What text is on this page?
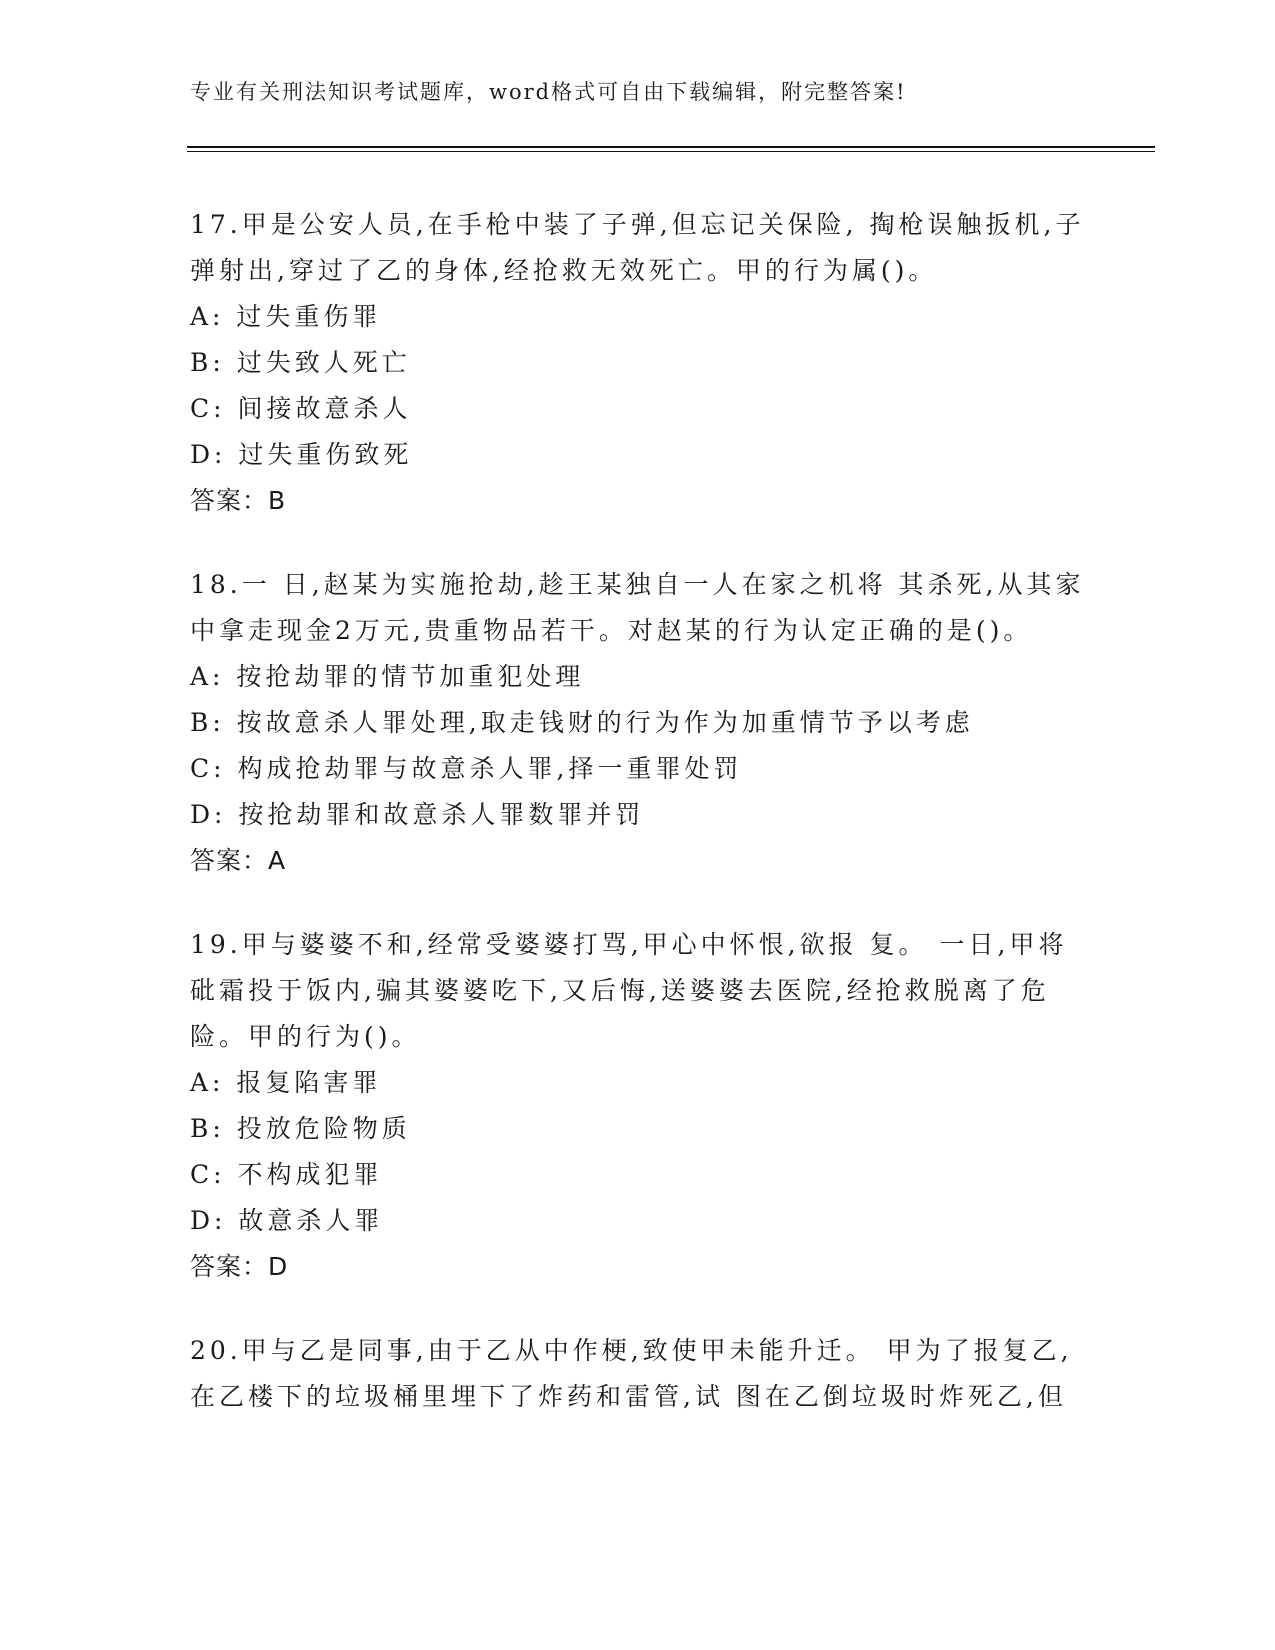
专业有关刑法知识考试题库，word格式可自由下载编辑，附完整答案!

17.甲是公安人员,在手枪中装了子弹,但忘记关保险, 掏枪误触扳机,子弹射出,穿过了乙的身体,经抢救无效死亡。甲的行为属()。

A: 过失重伤罪

B: 过失致人死亡

C: 间接故意杀人

D: 过失重伤致死

答案：B

18.一 日,赵某为实施抢劫,趁王某独自一人在家之机将 其杀死,从其家中拿走现金2万元,贵重物品若干。对赵某的行为认定正确的是()。

A: 按抢劫罪的情节加重犯处理

B: 按故意杀人罪处理,取走钱财的行为作为加重情节予以考虑

C: 构成抢劫罪与故意杀人罪,择一重罪处罚

D: 按抢劫罪和故意杀人罪数罪并罚

答案：A

19.甲与婆婆不和,经常受婆婆打骂,甲心中怀恨,欲报 复。 一日,甲将砒霜投于饭内,骗其婆婆吃下,又后悔,送婆婆去医院,经抢救脱离了危险。甲的行为()。

A: 报复陷害罪

B: 投放危险物质

C: 不构成犯罪

D: 故意杀人罪

答案：D

20.甲与乙是同事,由于乙从中作梗,致使甲未能升迁。 甲为了报复乙,在乙楼下的垃圾桶里埋下了炸药和雷管,试 图在乙倒垃圾时炸死乙,但
